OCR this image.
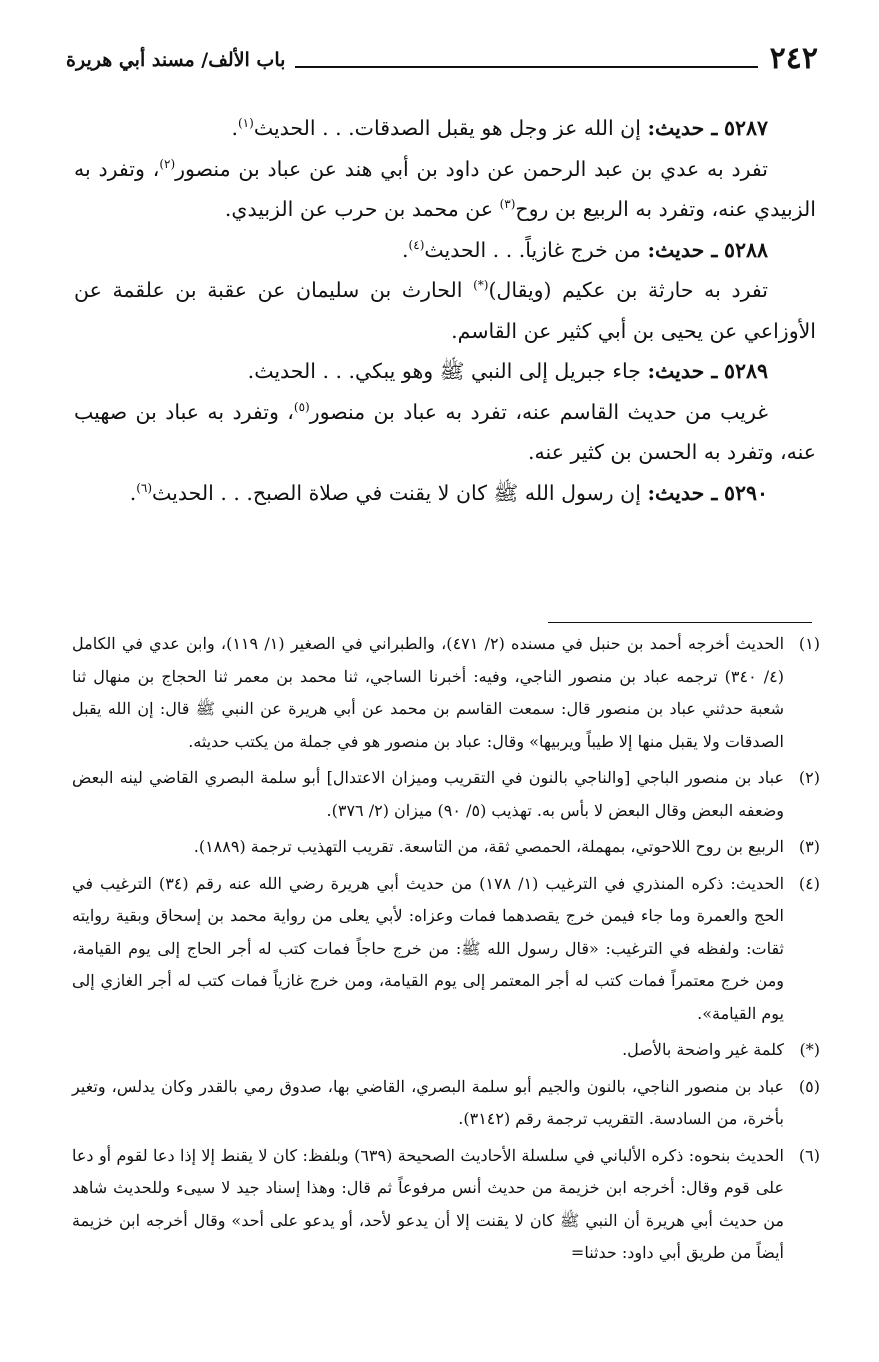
٢٤٢
باب الألف/ مسند أبي هريرة

٥٢٨٧ ـ حديث: إن الله عز وجل هو يقبل الصدقات. . . الحديث$^{(١)}$.

تفرد به عدي بن عبد الرحمن عن داود بن أبي هند عن عباد بن منصور$^{(٢)}$، وتفرد به الزبيدي عنه، وتفرد به الربيع بن روح$^{(٣)}$ عن محمد بن حرب عن الزبيدي.

٥٢٨٨ ـ حديث: من خرج غازياً. . . الحديث$^{(٤)}$.

تفرد به حارثة بن عكيم (ويقال)(*) الحارث بن سليمان عن عقبة بن علقمة عن الأوزاعي عن يحيى بن أبي كثير عن القاسم.

٥٢٨٩ ـ حديث: جاء جبريل إلى النبي ﷺ وهو يبكي. . . الحديث.

غريب من حديث القاسم عنه، تفرد به عباد بن منصور$^{(٥)}$، وتفرد به عباد بن صهيب عنه، وتفرد به الحسن بن كثير عنه.

٥٢٩٠ ـ حديث: إن رسول الله ﷺ كان لا يقنت في صلاة الصبح. . . الحديث$^{(٦)}$.

(١)
الحديث أخرجه أحمد بن حنبل في مسنده (٢/ ٤٧١)، والطبراني في الصغير (١/ ١١٩)، وابن عدي في الكامل (٤/ ٣٤٠) ترجمه عباد بن منصور الناجي، وفيه: أخبرنا الساجي، ثنا محمد بن معمر ثنا الحجاج بن منهال ثنا شعبة حدثني عباد بن منصور قال: سمعت القاسم بن محمد عن أبي هريرة عن النبي ﷺ قال: إن الله يقبل الصدقات ولا يقبل منها إلا طيباً ويربيها» وقال: عباد بن منصور هو في جملة من يكتب حديثه.
(٢)
عباد بن منصور الباجي [والناجي بالنون في التقريب وميزان الاعتدال] أبو سلمة البصري القاضي لينه البعض وضعفه البعض وقال البعض لا بأس به. تهذيب (٥/ ٩٠) ميزان (٢/ ٣٧٦).
(٣)
الربيع بن روح اللاحوتي، بمهملة، الحمصي ثقة، من التاسعة. تقريب التهذيب ترجمة (١٨٨٩).
(٤)
الحديث: ذكره المنذري في الترغيب (١/ ١٧٨) من حديث أبي هريرة رضي الله عنه رقم (٣٤) الترغيب في الحج والعمرة وما جاء فيمن خرج يقصدهما فمات وعزاه: لأبي يعلى من رواية محمد بن إسحاق وبقية روايته ثقات: ولفظه في الترغيب: «قال رسول الله ﷺ: من خرج حاجاً فمات كتب له أجر الحاج إلى يوم القيامة، ومن خرج معتمراً فمات كتب له أجر المعتمر إلى يوم القيامة، ومن خرج غازياً فمات كتب له أجر الغازي إلى يوم القيامة».
(*)
كلمة غير واضحة بالأصل.
(٥)
عباد بن منصور الناجي، بالنون والجيم أبو سلمة البصري، القاضي بها، صدوق رمي بالقدر وكان يدلس، وتغير بأخرة، من السادسة. التقريب ترجمة رقم (٣١٤٢).
(٦)
الحديث بنحوه: ذكره الألباني في سلسلة الأحاديث الصحيحة (٦٣٩) وبلفظ: كان لا يقنط إلا إذا دعا لقوم أو دعا على قوم وقال: أخرجه ابن خزيمة من حديث أنس مرفوعاً ثم قال: وهذا إسناد جيد لا سيىء وللحديث شاهد من حديث أبي هريرة أن النبي ﷺ كان لا يقنت إلا أن يدعو لأحد، أو يدعو على أحد» وقال أخرجه ابن خزيمة أيضاً من طريق أبي داود: حدثنا=
